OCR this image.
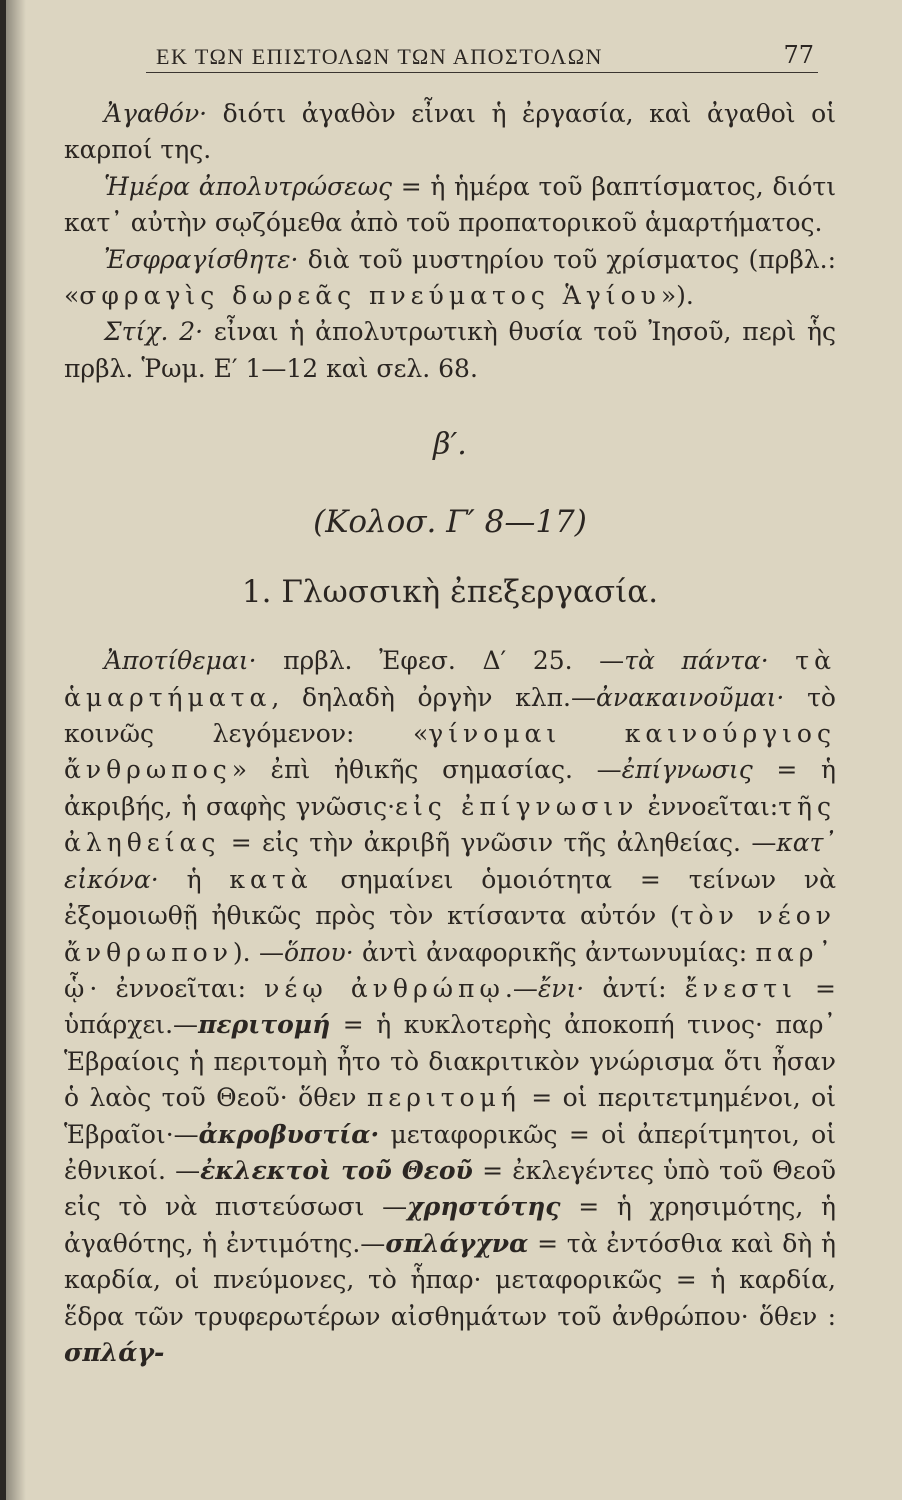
ΕΚ ΤΩΝ ΕΠΙΣΤΟΛΩΝ ΤΩΝ ΑΠΟΣΤΟΛΩΝ	77

Ἀγαθόν· διότι ἀγαθὸν εἶναι ἡ ἐργασία, καὶ ἀγαθοὶ οἱ καρποί της.

Ἡμέρα ἀπολυτρώσεως = ἡ ἡμέρα τοῦ βαπτίσματος, διότι κατ᾽ αὐτὴν σῳζόμεθα ἀπὸ τοῦ προπατορικοῦ ἁμαρτήματος.

Ἐσφραγίσθητε· διὰ τοῦ μυστηρίου τοῦ χρίσματος (πρβλ.: «σφραγὶς δωρεᾶς πνεύματος Ἁγίου»).

Στίχ. 2· εἶναι ἡ ἀπολυτρωτικὴ θυσία τοῦ Ἰησοῦ, περὶ ἧς πρβλ. Ῥωμ. Ε′ 1—12 καὶ σελ. 68.

β′.
(Κολοσ. Γ′ 8—17)
1. Γλωσσικὴ ἐπεξεργασία.

Ἀποτίθεμαι· πρβλ. Ἐφεσ. Δ′ 25. —τὰ πάντα· τὰ ἁμαρτήματα, δηλαδὴ ὀργὴν κλπ.—ἀνακαινοῦμαι· τὸ κοινῶς λεγόμενον: «γίνομαι καινούργιος ἄνθρωπος» ἐπὶ ἠθικῆς σημασίας. —ἐπίγνωσις = ἡ ἀκριβής, ἡ σαφὴς γνῶσις·εἰς ἐπίγνωσιν ἐννοεῖται:τῆς ἀληθείας = εἰς τὴν ἀκριβῆ γνῶσιν τῆς ἀληθείας. —κατ᾽ εἰκόνα· ἡ κατὰ σημαίνει ὁμοιότητα = τείνων νὰ ἐξομοιωθῇ ἠθικῶς πρὸς τὸν κτίσαντα αὐτόν (τὸν νέον ἄνθρωπον). —ὅπου· ἀντὶ ἀναφορικῆς ἀντωνυμίας: παρ᾽ ᾧ· ἐννοεῖται: νέῳ ἀνθρώπῳ.—ἔνι· ἀντί: ἔνεστι = ὑπάρχει.—περιτομή = ἡ κυκλοτερὴς ἀποκοπή τινος· παρ᾽ Ἑβραίοις ἡ περιτομὴ ἦτο τὸ διακριτικὸν γνώρισμα ὅτι ἦσαν ὁ λαὸς τοῦ Θεοῦ· ὅθεν περιτομή = οἱ περιτετμημένοι, οἱ Ἑβραῖοι·—ἀκροβυστία· μεταφορικῶς = οἱ ἀπερίτμητοι, οἱ ἐθνικοί. —ἐκλεκτοὶ τοῦ Θεοῦ = ἐκλεγέντες ὑπὸ τοῦ Θεοῦ εἰς τὸ νὰ πιστεύσωσι —χρηστότης = ἡ χρησιμότης, ἡ ἀγαθότης, ἡ ἐντιμότης.—σπλάγχνα = τὰ ἐντόσθια καὶ δὴ ἡ καρδία, οἱ πνεύμονες, τὸ ἧπαρ· μεταφορικῶς = ἡ καρδία, ἕδρα τῶν τρυφερωτέρων αἰσθημάτων τοῦ ἀνθρώπου· ὅθεν : σπλάγ-
